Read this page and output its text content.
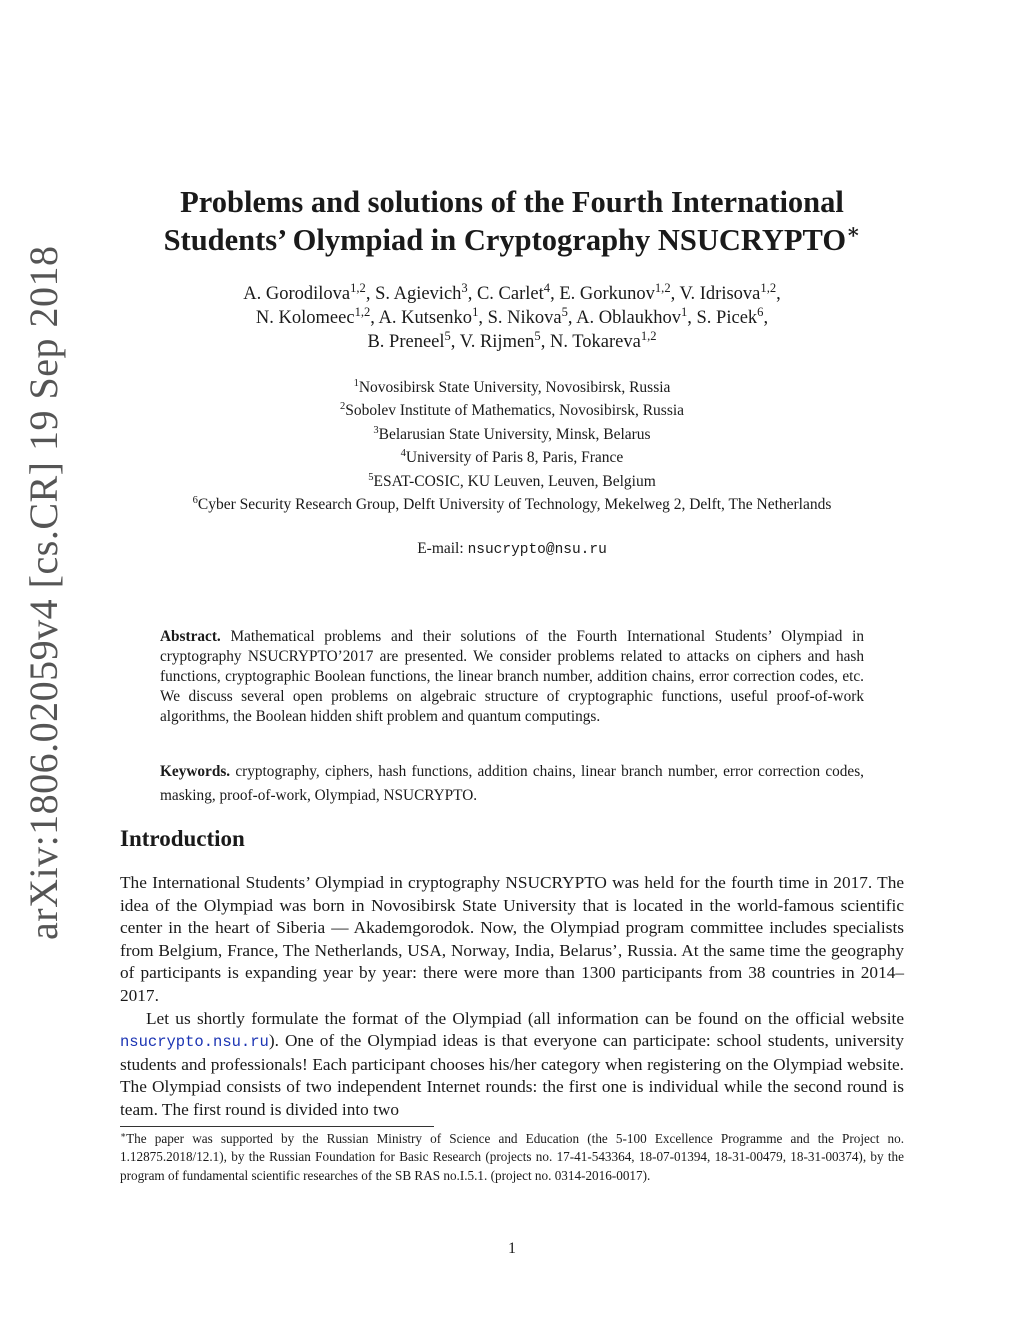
arXiv:1806.02059v4 [cs.CR] 19 Sep 2018
Problems and solutions of the Fourth International
Students’ Olympiad in Cryptography NSUCRYPTO∗
A. Gorodilova$^{1,2}$, S. Agievich$^3$, C. Carlet$^4$, E. Gorkunov$^{1,2}$, V. Idrisova$^{1,2}$,
N. Kolomeec$^{1,2}$, A. Kutsenko$^1$, S. Nikova$^5$, A. Oblaukhov$^1$, S. Picek$^6$,
B. Preneel$^5$, V. Rijmen$^5$, N. Tokareva$^{1,2}$
$^1$Novosibirsk State University, Novosibirsk, Russia
$^2$Sobolev Institute of Mathematics, Novosibirsk, Russia
$^3$Belarusian State University, Minsk, Belarus
$^4$University of Paris 8, Paris, France
$^5$ESAT-COSIC, KU Leuven, Leuven, Belgium
$^6$Cyber Security Research Group, Delft University of Technology, Mekelweg 2, Delft, The Netherlands
E-mail: nsucrypto@nsu.ru
Abstract. Mathematical problems and their solutions of the Fourth International Students’ Olympiad in cryptography NSUCRYPTO’2017 are presented. We consider problems related to attacks on ciphers and hash functions, cryptographic Boolean functions, the linear branch number, addition chains, error correction codes, etc. We discuss several open problems on algebraic structure of cryptographic functions, useful proof-of-work algorithms, the Boolean hidden shift problem and quantum computings.
Keywords. cryptography, ciphers, hash functions, addition chains, linear branch number, error correction codes, masking, proof-of-work, Olympiad, NSUCRYPTO.
Introduction

The International Students’ Olympiad in cryptography NSUCRYPTO was held for the fourth time in 2017. The idea of the Olympiad was born in Novosibirsk State University that is located in the world-famous scientific center in the heart of Siberia — Akademgorodok. Now, the Olympiad program committee includes specialists from Belgium, France, The Netherlands, USA, Norway, India, Belarus’, Russia. At the same time the geography of participants is expanding year by year: there were more than 1300 participants from 38 countries in 2014–2017.

Let us shortly formulate the format of the Olympiad (all information can be found on the official website nsucrypto.nsu.ru). One of the Olympiad ideas is that everyone can participate: school students, university students and professionals! Each participant chooses his/her category when registering on the Olympiad website. The Olympiad consists of two independent Internet rounds: the first one is individual while the second round is team. The first round is divided into two

∗The paper was supported by the Russian Ministry of Science and Education (the 5-100 Excellence Programme and the Project no. 1.12875.2018/12.1), by the Russian Foundation for Basic Research (projects no. 17-41-543364, 18-07-01394, 18-31-00479, 18-31-00374), by the program of fundamental scientific researches of the SB RAS no.I.5.1. (project no. 0314-2016-0017).
1
